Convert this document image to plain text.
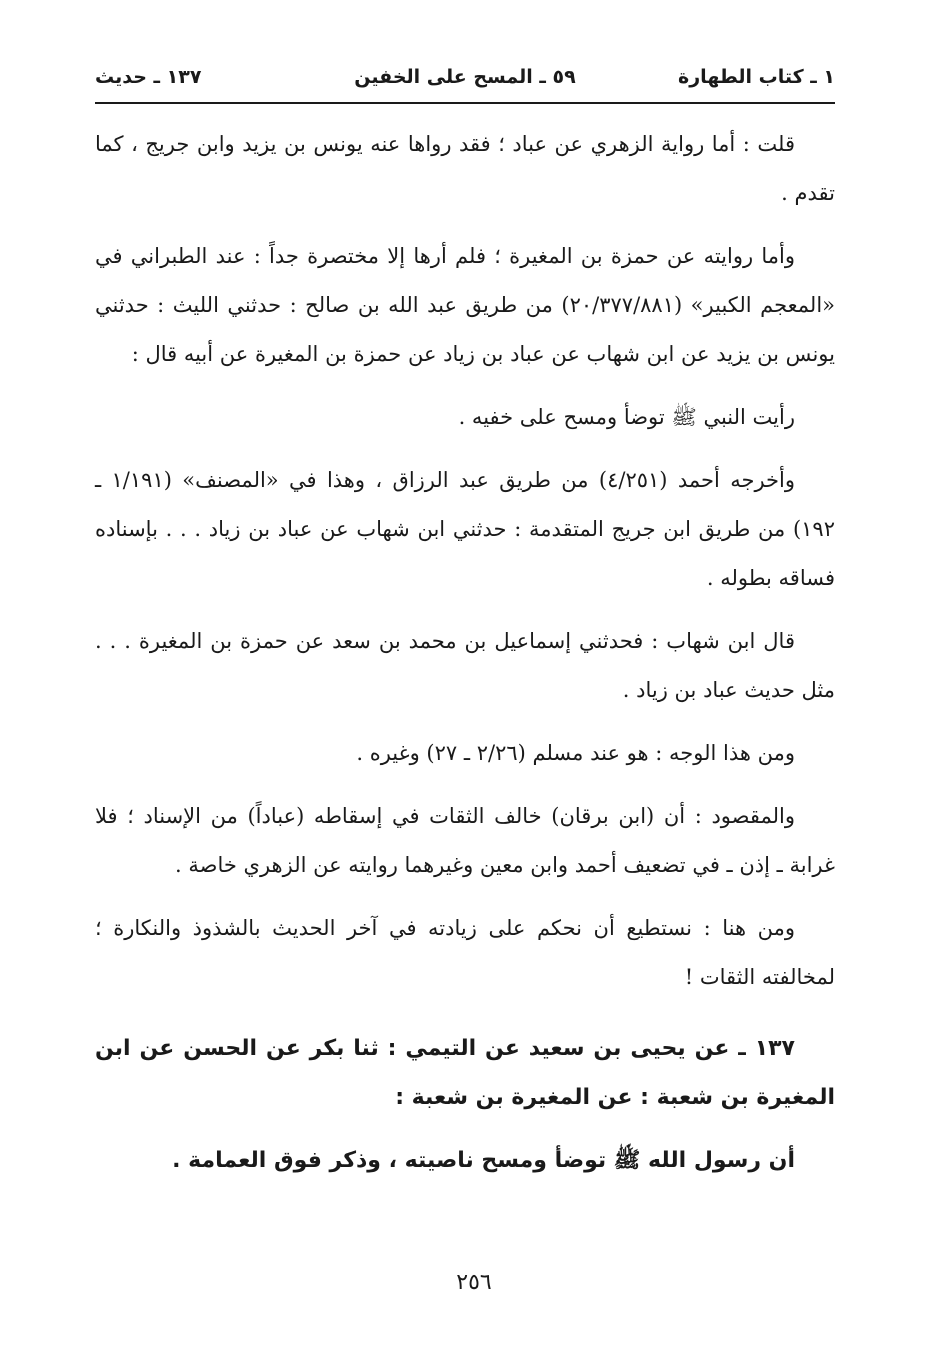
١ ـ كتاب الطهارة
٥٩ ـ المسح على الخفين
١٣٧ ـ حديث

قلت : أما رواية الزهري عن عباد ؛ فقد رواها عنه يونس بن يزيد وابن جريج ، كما تقدم .

وأما روايته عن حمزة بن المغيرة ؛ فلم أرها إلا مختصرة جداً : عند الطبراني في «المعجم الكبير» (٢٠/٣٧٧/٨٨١) من طريق عبد الله بن صالح : حدثني الليث : حدثني يونس بن يزيد عن ابن شهاب عن عباد بن زياد عن حمزة بن المغيرة عن أبيه قال :

رأيت النبي ﷺ توضأ ومسح على خفيه .

وأخرجه أحمد (٤/٢٥١) من طريق عبد الرزاق ، وهذا في «المصنف» (١/١٩١ ـ ١٩٢) من طريق ابن جريج المتقدمة : حدثني ابن شهاب عن عباد بن زياد . . . بإسناده فساقه بطوله .

قال ابن شهاب : فحدثني إسماعيل بن محمد بن سعد عن حمزة بن المغيرة . . . مثل حديث عباد بن زياد .

ومن هذا الوجه : هو عند مسلم (٢/٢٦ ـ ٢٧) وغيره .

والمقصود : أن (ابن برقان) خالف الثقات في إسقاطه (عباداً) من الإسناد ؛ فلا غرابة ـ إذن ـ في تضعيف أحمد وابن معين وغيرهما روايته عن الزهري خاصة .

ومن هنا : نستطيع أن نحكم على زيادته في آخر الحديث بالشذوذ والنكارة ؛ لمخالفته الثقات !

١٣٧ ـ عن يحيى بن سعيد عن التيمي : ثنا بكر عن الحسن عن ابن المغيرة بن شعبة : عن المغيرة بن شعبة :

أن رسول الله ﷺ توضأ ومسح ناصيته ، وذكر فوق العمامة .

٢٥٦
